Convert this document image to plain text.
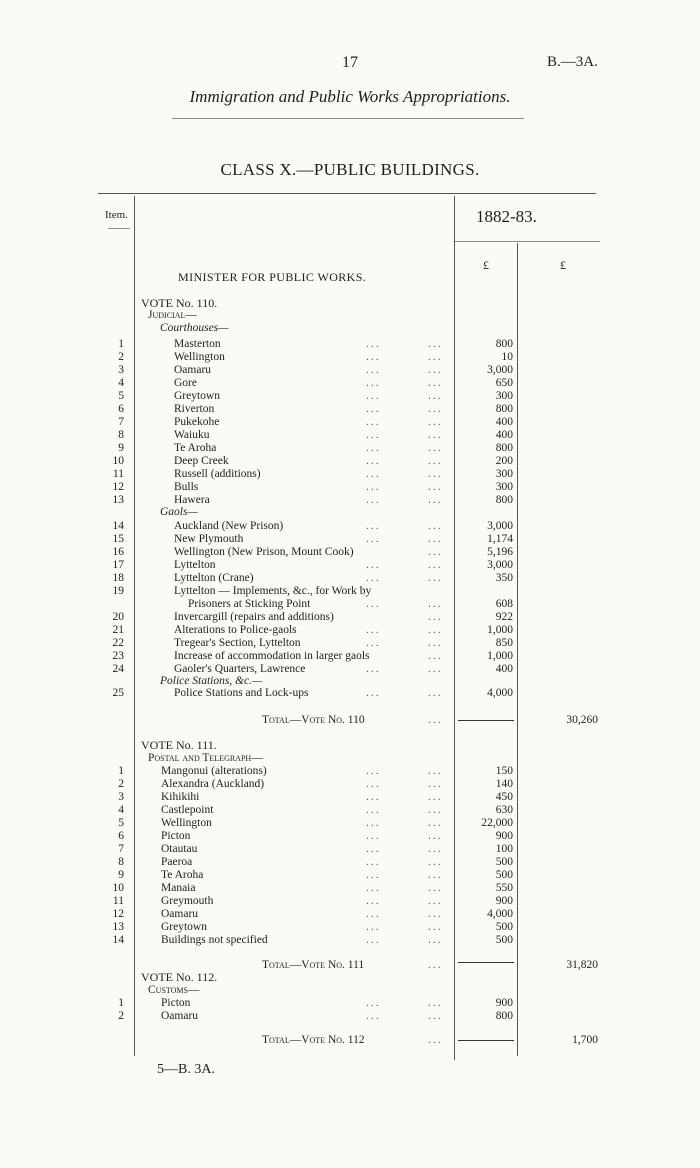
17	B.—3A.
Immigration and Public Works Appropriations.
CLASS X.—PUBLIC BUILDINGS.
Item.	1882-83.
£	£
MINISTER FOR PUBLIC WORKS.
VOTE No. 110.
Judicial—
Courthouses—
1	Masterton	...	...	800
2	Wellington	...	...	10
3	Oamaru	...	...	3,000
4	Gore	...	...	650
5	Greytown	...	...	300
6	Riverton	...	...	800
7	Pukekohe	...	...	400
8	Waiuku	...	...	400
9	Te Aroha	...	...	800
10	Deep Creek	...	...	200
11	Russell (additions)	...	...	300
12	Bulls	...	...	300
13	Hawera	...	...	800
Gaols—
14	Auckland (New Prison)	...	...	3,000
15	New Plymouth	...	...	1,174
16	Wellington (New Prison, Mount Cook)	...	5,196
17	Lyttelton	...	...	3,000
18	Lyttelton (Crane)	...	...	350
19	Lyttelton — Implements, &c., for Work by
Prisoners at Sticking Point	...	...	608
20	Invercargill (repairs and additions)	...	922
21	Alterations to Police-gaols	...	...	1,000
22	Tregear's Section, Lyttelton	...	...	850
23	Increase of accommodation in larger gaols	...	1,000
24	Gaoler's Quarters, Lawrence	...	...	400
Police Stations, &c.—
25	Police Stations and Lock-ups	...	...	4,000
Total—Vote No. 110	...	30,260
VOTE No. 111.
Postal and Telegraph—
1	Mangonui (alterations)	...	...	150
2	Alexandra (Auckland)	...	...	140
3	Kihikihi	...	...	450
4	Castlepoint	...	...	630
5	Wellington	...	...	22,000
6	Picton	...	...	900
7	Otautau	...	...	100
8	Paeroa	...	...	500
9	Te Aroha	...	...	500
10	Manaia	...	...	550
11	Greymouth	...	...	900
12	Oamaru	...	...	4,000
13	Greytown	...	...	500
14	Buildings not specified	...	...	500
Total—Vote No. 111	...	31,820
VOTE No. 112.
Customs—
1	Picton	...	...	900
2	Oamaru	...	...	800
Total—Vote No. 112	...	1,700
5—B. 3A.
